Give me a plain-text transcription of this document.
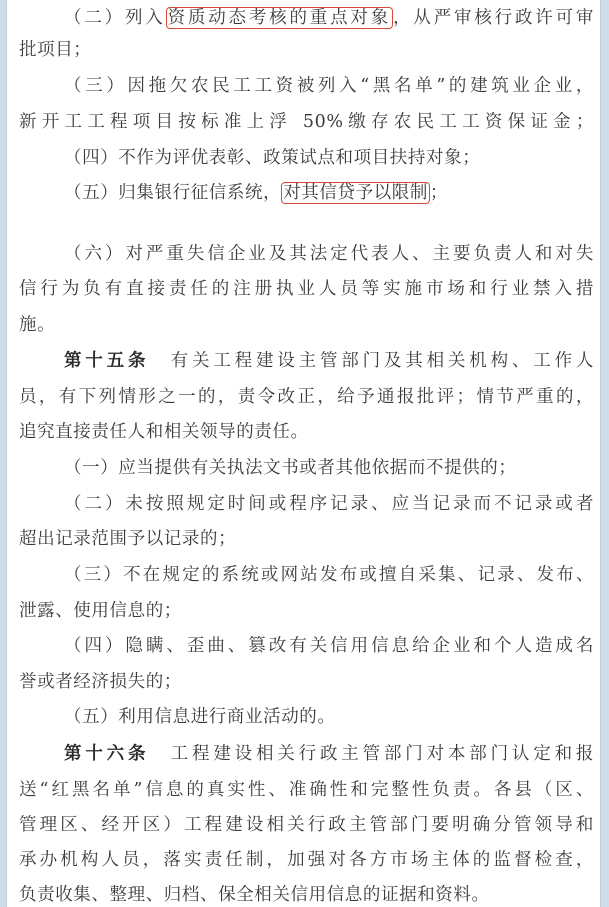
（二）列入 资质动态考核的重点对象 ，从严审核行政许可审
批项目；
（三）因拖欠农民工工资被列入“黑名单”的建筑业企业，
新开工工程项目按标准上浮 50%缴存农民工工资保证金；
（四）不作为评优表彰、政策试点和项目扶持对象；
（五）归集银行征信系统， 对其信贷予以限制 ；
（六）对严重失信企业及其法定代表人、主要负责人和对失
信行为负有直接责任的注册执业人员等实施市场和行业禁入措
施。
第十五条　有关工程建设主管部门及其相关机构、工作人
员，有下列情形之一的，责令改正，给予通报批评；情节严重的，
追究直接责任人和相关领导的责任。
（一）应当提供有关执法文书或者其他依据而不提供的；
（二）未按照规定时间或程序记录、应当记录而不记录或者
超出记录范围予以记录的；
（三）不在规定的系统或网站发布或擅自采集、记录、发布、
泄露、使用信息的；
（四）隐瞒、歪曲、篡改有关信用信息给企业和个人造成名
誉或者经济损失的；
（五）利用信息进行商业活动的。
第十六条　工程建设相关行政主管部门对本部门认定和报
送“红黑名单”信息的真实性、准确性和完整性负责。各县（区、
管理区、经开区）工程建设相关行政主管部门要明确分管领导和
承办机构人员，落实责任制，加强对各方市场主体的监督检查，
负责收集、整理、归档、保全相关信用信息的证据和资料。
